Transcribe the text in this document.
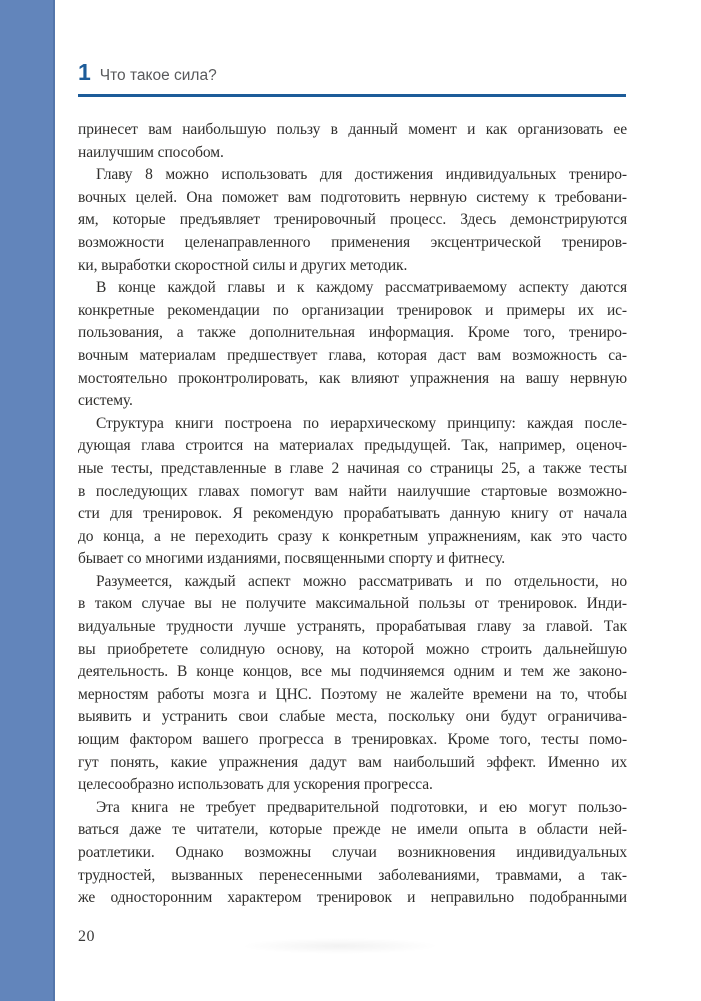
1 Что такое сила?
принесет вам наибольшую пользу в данный момент и как организовать ее
наилучшим способом.
Главу 8 можно использовать для достижения индивидуальных трениро-
вочных целей. Она поможет вам подготовить нервную систему к требовани-
ям, которые предъявляет тренировочный процесс. Здесь демонстрируются
возможности целенаправленного применения эксцентрической трениров-
ки, выработки скоростной силы и других методик.
В конце каждой главы и к каждому рассматриваемому аспекту даются
конкретные рекомендации по организации тренировок и примеры их ис-
пользования, а также дополнительная информация. Кроме того, трениро-
вочным материалам предшествует глава, которая даст вам возможность са-
мостоятельно проконтролировать, как влияют упражнения на вашу нервную
систему.
Структура книги построена по иерархическому принципу: каждая после-
дующая глава строится на материалах предыдущей. Так, например, оценоч-
ные тесты, представленные в главе 2 начиная со страницы 25, а также тесты
в последующих главах помогут вам найти наилучшие стартовые возможно-
сти для тренировок. Я рекомендую прорабатывать данную книгу от начала
до конца, а не переходить сразу к конкретным упражнениям, как это часто
бывает со многими изданиями, посвященными спорту и фитнесу.
Разумеется, каждый аспект можно рассматривать и по отдельности, но
в таком случае вы не получите максимальной пользы от тренировок. Инди-
видуальные трудности лучше устранять, прорабатывая главу за главой. Так
вы приобретете солидную основу, на которой можно строить дальнейшую
деятельность. В конце концов, все мы подчиняемся одним и тем же законо-
мерностям работы мозга и ЦНС. Поэтому не жалейте времени на то, чтобы
выявить и устранить свои слабые места, поскольку они будут ограничива-
ющим фактором вашего прогресса в тренировках. Кроме того, тесты помо-
гут понять, какие упражнения дадут вам наибольший эффект. Именно их
целесообразно использовать для ускорения прогресса.
Эта книга не требует предварительной подготовки, и ею могут пользо-
ваться даже те читатели, которые прежде не имели опыта в области ней-
роатлетики. Однако возможны случаи возникновения индивидуальных
трудностей, вызванных перенесенными заболеваниями, травмами, а так-
же односторонним характером тренировок и неправильно подобранными
20
